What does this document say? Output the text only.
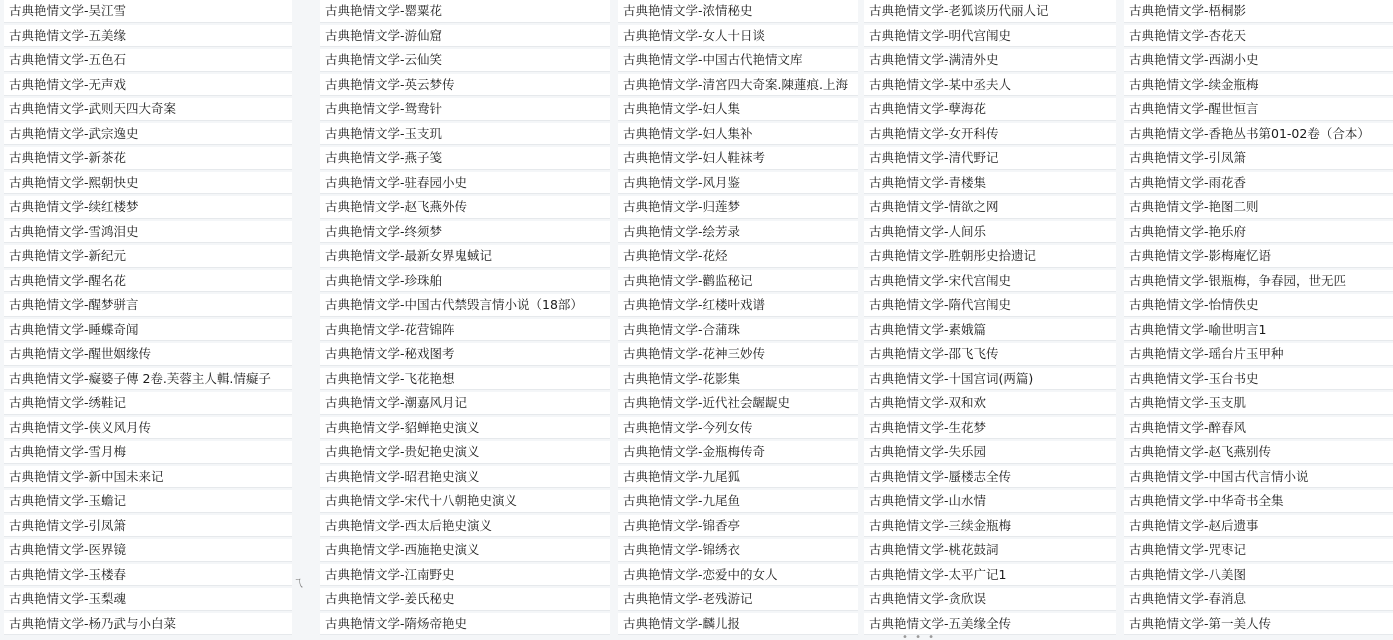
古典艳情文学-吴江雪
古典艳情文学-五美缘
古典艳情文学-五色石
古典艳情文学-无声戏
古典艳情文学-武则天四大奇案
古典艳情文学-武宗逸史
古典艳情文学-新茶花
古典艳情文学-熙朝快史
古典艳情文学-续红楼梦
古典艳情文学-雪鸿泪史
古典艳情文学-新纪元
古典艳情文学-醒名花
古典艳情文学-醒梦骈言
古典艳情文学-睡蝶奇闻
古典艳情文学-醒世姻缘传
古典艳情文学-癡婆子傳 2卷.芙蓉主人輯.情癡子
古典艳情文学-绣鞋记
古典艳情文学-侠义风月传
古典艳情文学-雪月梅
古典艳情文学-新中国未来记
古典艳情文学-玉蟾记
古典艳情文学-引凤箫
古典艳情文学-医界镜
古典艳情文学-玉楼春
古典艳情文学-玉梨魂
古典艳情文学-杨乃武与小白菜
古典艳情文学-罂粟花
古典艳情文学-游仙窟
古典艳情文学-云仙笑
古典艳情文学-英云梦传
古典艳情文学-鸳鸯针
古典艳情文学-玉支玑
古典艳情文学-燕子笺
古典艳情文学-驻春园小史
古典艳情文学-赵飞燕外传
古典艳情文学-终须梦
古典艳情文学-最新女界鬼蜮记
古典艳情文学-珍珠舶
古典艳情文学-中国古代禁毁言情小说（18部）
古典艳情文学-花营锦阵
古典艳情文学-秘戏图考
古典艳情文学-飞花艳想
古典艳情文学-潮嘉风月记
古典艳情文学-貂蝉艳史演义
古典艳情文学-贵妃艳史演义
古典艳情文学-昭君艳史演义
古典艳情文学-宋代十八朝艳史演义
古典艳情文学-西太后艳史演义
古典艳情文学-西施艳史演义
古典艳情文学-江南野史
古典艳情文学-姜氏秘史
古典艳情文学-隋炀帝艳史
古典艳情文学-浓情秘史
古典艳情文学-女人十日谈
古典艳情文学-中国古代艳情文库
古典艳情文学-清宮四大奇案.陳蓮痕.上海
古典艳情文学-妇人集
古典艳情文学-妇人集补
古典艳情文学-妇人鞋袜考
古典艳情文学-风月鉴
古典艳情文学-归莲梦
古典艳情文学-绘芳录
古典艳情文学-花烃
古典艳情文学-鹳监秘记
古典艳情文学-红楼叶戏谱
古典艳情文学-合蒲珠
古典艳情文学-花神三妙传
古典艳情文学-花影集
古典艳情文学-近代社会龌龊史
古典艳情文学-今列女传
古典艳情文学-金瓶梅传奇
古典艳情文学-九尾狐
古典艳情文学-九尾鱼
古典艳情文学-锦香亭
古典艳情文学-锦绣衣
古典艳情文学-恋爱中的女人
古典艳情文学-老残游记
古典艳情文学-麟儿报
古典艳情文学-老狐谈历代丽人记
古典艳情文学-明代宫闱史
古典艳情文学-满清外史
古典艳情文学-某中丞夫人
古典艳情文学-孽海花
古典艳情文学-女开科传
古典艳情文学-清代野记
古典艳情文学-青楼集
古典艳情文学-情欲之网
古典艳情文学-人间乐
古典艳情文学-胜朝彤史拾遗记
古典艳情文学-宋代宫闱史
古典艳情文学-隋代宫闱史
古典艳情文学-素娥篇
古典艳情文学-邵飞飞传
古典艳情文学-十国宫词(两篇)
古典艳情文学-双和欢
古典艳情文学-生花梦
古典艳情文学-失乐园
古典艳情文学-蜃楼志全传
古典艳情文学-山水情
古典艳情文学-三续金瓶梅
古典艳情文学-桃花鼓詞
古典艳情文学-太平广记1
古典艳情文学-贪欣误
古典艳情文学-五美缘全传
古典艳情文学-梧桐影
古典艳情文学-杏花天
古典艳情文学-西湖小史
古典艳情文学-续金瓶梅
古典艳情文学-醒世恒言
古典艳情文学-香艳丛书第01-02卷（合本）
古典艳情文学-引凤箫
古典艳情文学-雨花香
古典艳情文学-艳图二则
古典艳情文学-艳乐府
古典艳情文学-影梅庵忆语
古典艳情文学-银瓶梅，争春园，世无匹
古典艳情文学-怡情佚史
古典艳情文学-喻世明言1
古典艳情文学-瑶台片玉甲种
古典艳情文学-玉台书史
古典艳情文学-玉支肌
古典艳情文学-醉春风
古典艳情文学-赵飞燕别传
古典艳情文学-中国古代言情小说
古典艳情文学-中华奇书全集
古典艳情文学-赵后遗事
古典艳情文学-咒枣记
古典艳情文学-八美图
古典艳情文学-春消息
古典艳情文学-第一美人传
ㄟ
• • •
